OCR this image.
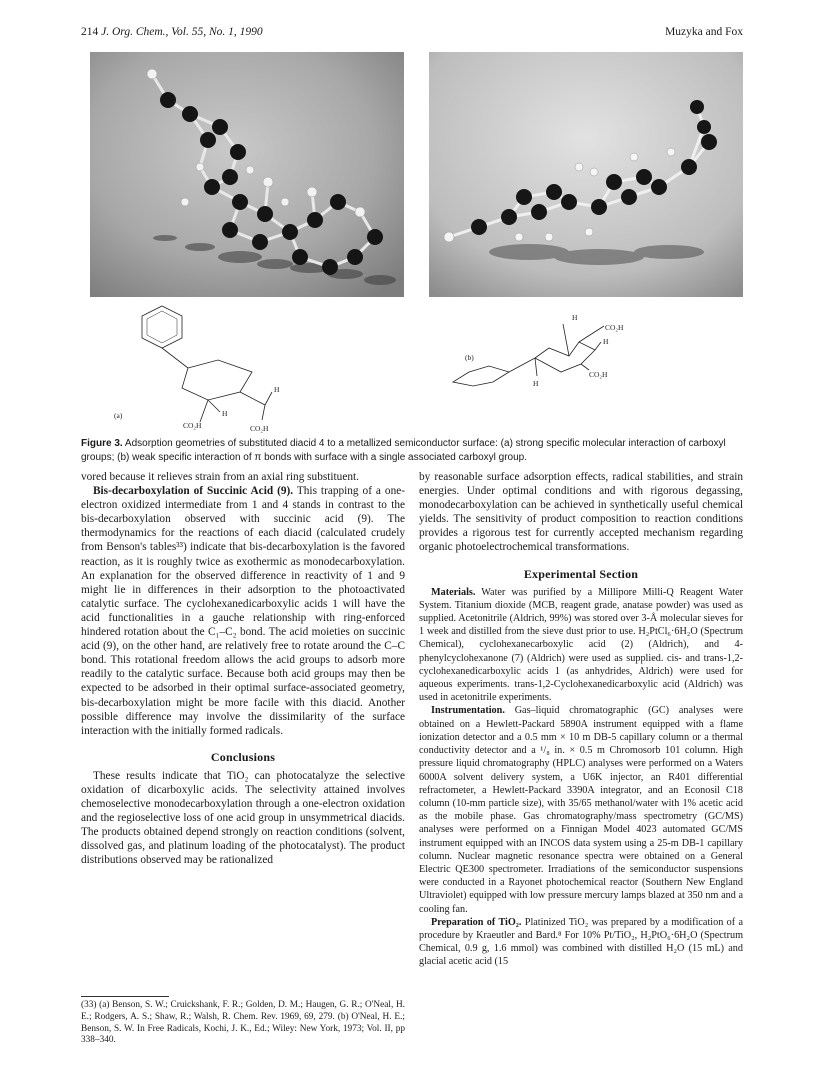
214 J. Org. Chem., Vol. 55, No. 1, 1990	Muzyka and Fox
(a)
H
H
CO₂H	CO₂H
(b)
H
CO₂H
H
CO₂H
H
Figure 3. Adsorption geometries of substituted diacid 4 to a metallized semiconductor surface: (a) strong specific molecular interaction of carboxyl groups; (b) weak specific interaction of π bonds with surface with a single associated carboxyl group.

vored because it relieves strain from an axial ring substituent.

Bis-decarboxylation of Succinic Acid (9). This trapping of a one-electron oxidized intermediate from 1 and 4 stands in contrast to the bis-decarboxylation observed with succinic acid (9). The thermodynamics for the reactions of each diacid (calculated crudely from Benson's tables³³) indicate that bis-decarboxylation is the favored reaction, as it is roughly twice as exothermic as monodecarboxylation. An explanation for the observed difference in reactivity of 1 and 9 might lie in differences in their adsorption to the photoactivated catalytic surface. The cyclohexanedicarboxylic acids 1 will have the acid functionalities in a gauche relationship with ring-enforced hindered rotation about the C₁–C₂ bond. The acid moieties on succinic acid (9), on the other hand, are relatively free to rotate around the C–C bond. This rotational freedom allows the acid groups to adsorb more readily to the catalytic surface. Because both acid groups may then be expected to be adsorbed in their optimal surface-associated geometry, bis-decarboxylation might be more facile with this diacid. Another possible difference may involve the dissimilarity of the surface interaction with the initially formed radicals.

Conclusions

These results indicate that TiO₂ can photocatalyze the selective oxidation of dicarboxylic acids. The selectivity attained involves chemoselective monodecarboxylation through a one-electron oxidation and the regioselective loss of one acid group in unsymmetrical diacids. The products obtained depend strongly on reaction conditions (solvent, dissolved gas, and platinum loading of the photocatalyst). The product distributions observed may be rationalized

by reasonable surface adsorption effects, radical stabilities, and strain energies. Under optimal conditions and with rigorous degassing, monodecarboxylation can be achieved in synthetically useful chemical yields. The sensitivity of product composition to reaction conditions provides a rigorous test for currently accepted mechanism regarding organic photoelectrochemical transformations.

Experimental Section

Materials. Water was purified by a Millipore Milli-Q Reagent Water System. Titanium dioxide (MCB, reagent grade, anatase powder) was used as supplied. Acetonitrile (Aldrich, 99%) was stored over 3-Å molecular sieves for 1 week and distilled from the sieve dust prior to use. H₂PtCl₆·6H₂O (Spectrum Chemical), cyclohexanecarboxylic acid (2) (Aldrich), and 4-phenylcyclohexanone (7) (Aldrich) were used as supplied. cis- and trans-1,2-cyclohexanedicarboxylic acids 1 (as anhydrides, Aldrich) were used for aqueous experiments. trans-1,2-Cyclohexanedicarboxylic acid (Aldrich) was used in acetonitrile experiments.

Instrumentation. Gas–liquid chromatographic (GC) analyses were obtained on a Hewlett-Packard 5890A instrument equipped with a flame ionization detector and a 0.5 mm × 10 m DB-5 capillary column or a thermal conductivity detector and a ¹/₈ in. × 0.5 m Chromosorb 101 column. High pressure liquid chromatography (HPLC) analyses were performed on a Waters 6000A solvent delivery system, a U6K injector, an R401 differential refractometer, a Hewlett-Packard 3390A integrator, and an Econosil C18 column (10-mm particle size), with 35/65 methanol/water with 1% acetic acid as the mobile phase. Gas chromatography/mass spectrometry (GC/MS) analyses were performed on a Finnigan Model 4023 automated GC/MS instrument equipped with an INCOS data system using a 25-m DB-1 capillary column. Nuclear magnetic resonance spectra were obtained on a General Electric QE300 spectrometer. Irradiations of the semiconductor suspensions were conducted in a Rayonet photochemical reactor (Southern New England Ultraviolet) equipped with low pressure mercury lamps blazed at 350 nm and a cooling fan.

Preparation of TiO₂. Platinized TiO₂ was prepared by a modification of a procedure by Kraeutler and Bard.⁸ For 10% Pt/TiO₂, H₂PtO₆·6H₂O (Spectrum Chemical, 0.9 g, 1.6 mmol) was combined with distilled H₂O (15 mL) and glacial acetic acid (15

(33) (a) Benson, S. W.; Cruickshank, F. R.; Golden, D. M.; Haugen, G. R.; O'Neal, H. E.; Rodgers, A. S.; Shaw, R.; Walsh, R. Chem. Rev. 1969, 69, 279. (b) O'Neal, H. E.; Benson, S. W. In Free Radicals, Kochi, J. K., Ed.; Wiley: New York, 1973; Vol. II, pp 338–340.
